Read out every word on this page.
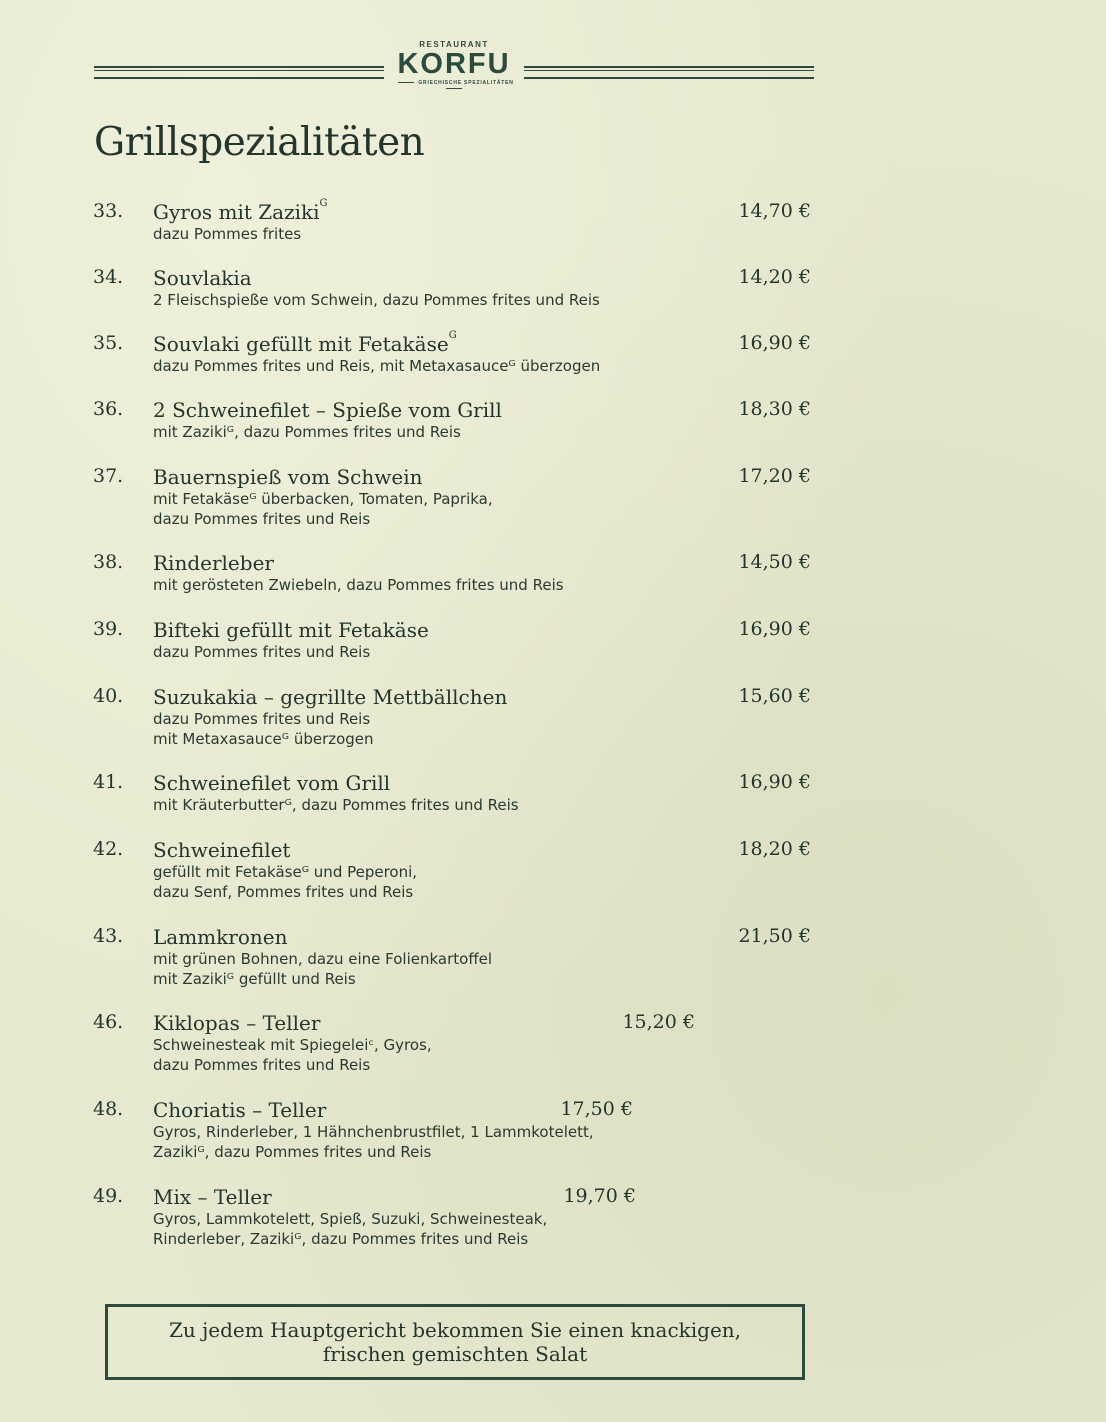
RESTAURANT
KORFU
GRIECHISCHE SPEZIALITÄTEN
Grillspezialitäten
33. Gyros mit Zaziki$^G$	14,70 €
dazu Pommes frites
34. Souvlakia	14,20 €
2 Fleischspieße vom Schwein, dazu Pommes frites und Reis
35. Souvlaki gefüllt mit Fetakäse$^G$	16,90 €
dazu Pommes frites und Reis, mit Metaxasauceᴳ überzogen
36. 2 Schweinefilet – Spieße vom Grill	18,30 €
mit Zazikiᴳ, dazu Pommes frites und Reis
37. Bauernspieß vom Schwein	17,20 €
mit Fetakäseᴳ überbacken, Tomaten, Paprika,
dazu Pommes frites und Reis
38. Rinderleber	14,50 €
mit gerösteten Zwiebeln, dazu Pommes frites und Reis
39. Bifteki gefüllt mit Fetakäse	16,90 €
dazu Pommes frites und Reis
40. Suzukakia – gegrillte Mettbällchen	15,60 €
dazu Pommes frites und Reis
mit Metaxasauceᴳ überzogen
41. Schweinefilet vom Grill	16,90 €
mit Kräuterbutterᴳ, dazu Pommes frites und Reis
42. Schweinefilet	18,20 €
gefüllt mit Fetakäseᴳ und Peperoni,
dazu Senf, Pommes frites und Reis
43. Lammkronen	21,50 €
mit grünen Bohnen, dazu eine Folienkartoffel
mit Zazikiᴳ gefüllt und Reis
46. Kiklopas – Teller	15,20 €
Schweinesteak mit Spiegeleiᶜ, Gyros,
dazu Pommes frites und Reis
48. Choriatis – Teller	17,50 €
Gyros, Rinderleber, 1 Hähnchenbrustfilet, 1 Lammkotelett,
Zazikiᴳ, dazu Pommes frites und Reis
49. Mix – Teller	19,70 €
Gyros, Lammkotelett, Spieß, Suzuki, Schweinesteak,
Rinderleber, Zazikiᴳ, dazu Pommes frites und Reis
Zu jedem Hauptgericht bekommen Sie einen knackigen,
frischen gemischten Salat
